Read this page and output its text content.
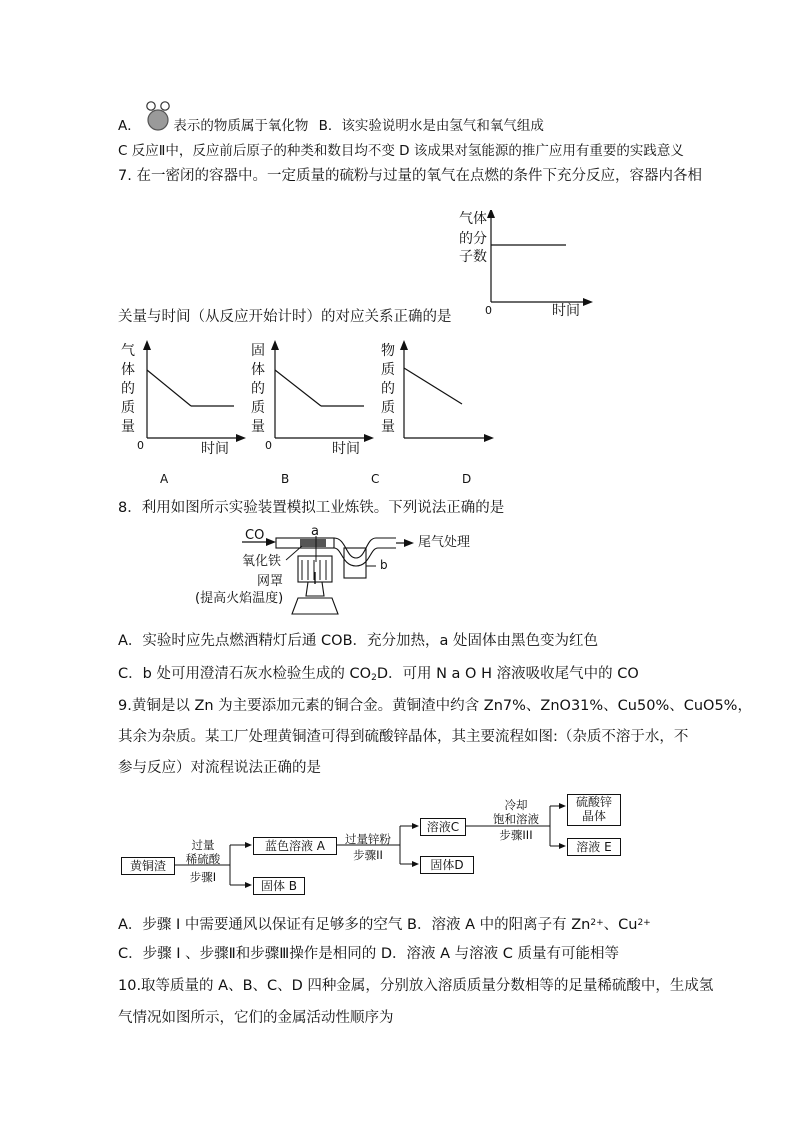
A． 表示的物质属于氧化物 B．该实验说明水是由氢气和氧气组成
C 反应Ⅱ中，反应前后原子的种类和数目均不变 D 该成果对氢能源的推广应用有重要的实践意义
7. 在一密闭的容器中。一定质量的硫粉与过量的氧气在点燃的条件下充分反应，容器内各相
气体
的分
子数
0	时间
关量与时间（从反应开始计时）的对应关系正确的是
气
体
的
质
量
0	时间
固
体
的
质
量
0	时间
物
质
的
质
量
A	B	C	D
8．利用如图所示实验装置模拟工业炼铁。下列说法正确的是
CO	a
尾气处理
氧化铁	b
网罩
(提高火焰温度)
A．实验时应先点燃酒精灯后通 COB．充分加热，a 处固体由黑色变为红色
C．b 处可用澄清石灰水检验生成的 $CO_2D$．可用 N a O H 溶液吸收尾气中的 CO
9.黄铜是以 Zn 为主要添加元素的铜合金。黄铜渣中约含 Zn7%、ZnO31%、Cu50%、CuO5%，
其余为杂质。某工厂处理黄铜渣可得到硫酸锌晶体，其主要流程如图:（杂质不溶于水，不
参与反应）对流程说法正确的是
黄铜渣
过量
稀硫酸
步骤I
蓝色溶液 A
固体 B
过量锌粉
步骤II
溶液C
固体D
冷却
饱和溶液
步骤III
硫酸锌
晶体
溶液 E
A．步骤 I 中需要通风以保证有足够多的空气 B．溶液 A 中的阳离子有 $Zn^{2+}$、$Cu^{2+}$
C．步骤 I 、步骤Ⅱ和步骤Ⅲ操作是相同的 D．溶液 A 与溶液 C 质量有可能相等
10.取等质量的 A、B、C、D 四种金属，分别放入溶质质量分数相等的足量稀硫酸中，生成氢
气情况如图所示，它们的金属活动性顺序为
